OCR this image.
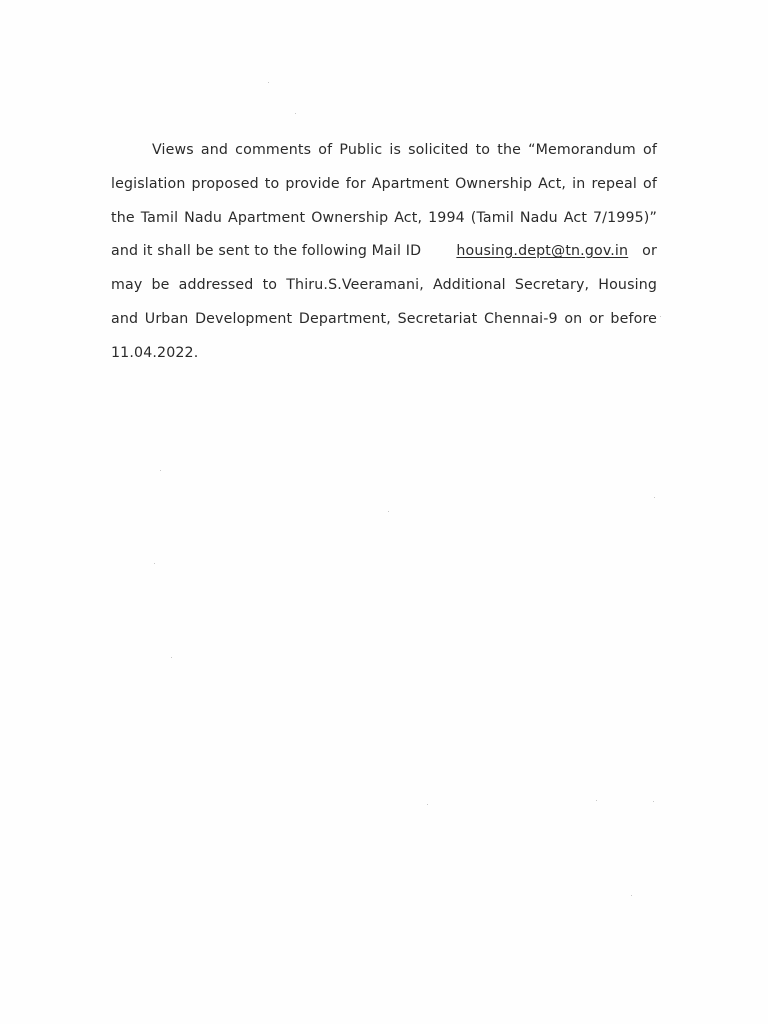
Views and comments of Public is solicited to the “Memorandum of
legislation proposed to provide for Apartment Ownership Act, in repeal of
the Tamil Nadu Apartment Ownership Act, 1994 (Tamil Nadu Act 7/1995)”
and it shall be sent to the following Mail ID housing.dept@tn.gov.in or
may be addressed to Thiru.S.Veeramani, Additional Secretary, Housing
and Urban Development Department, Secretariat Chennai-9 on or before
11.04.2022.
